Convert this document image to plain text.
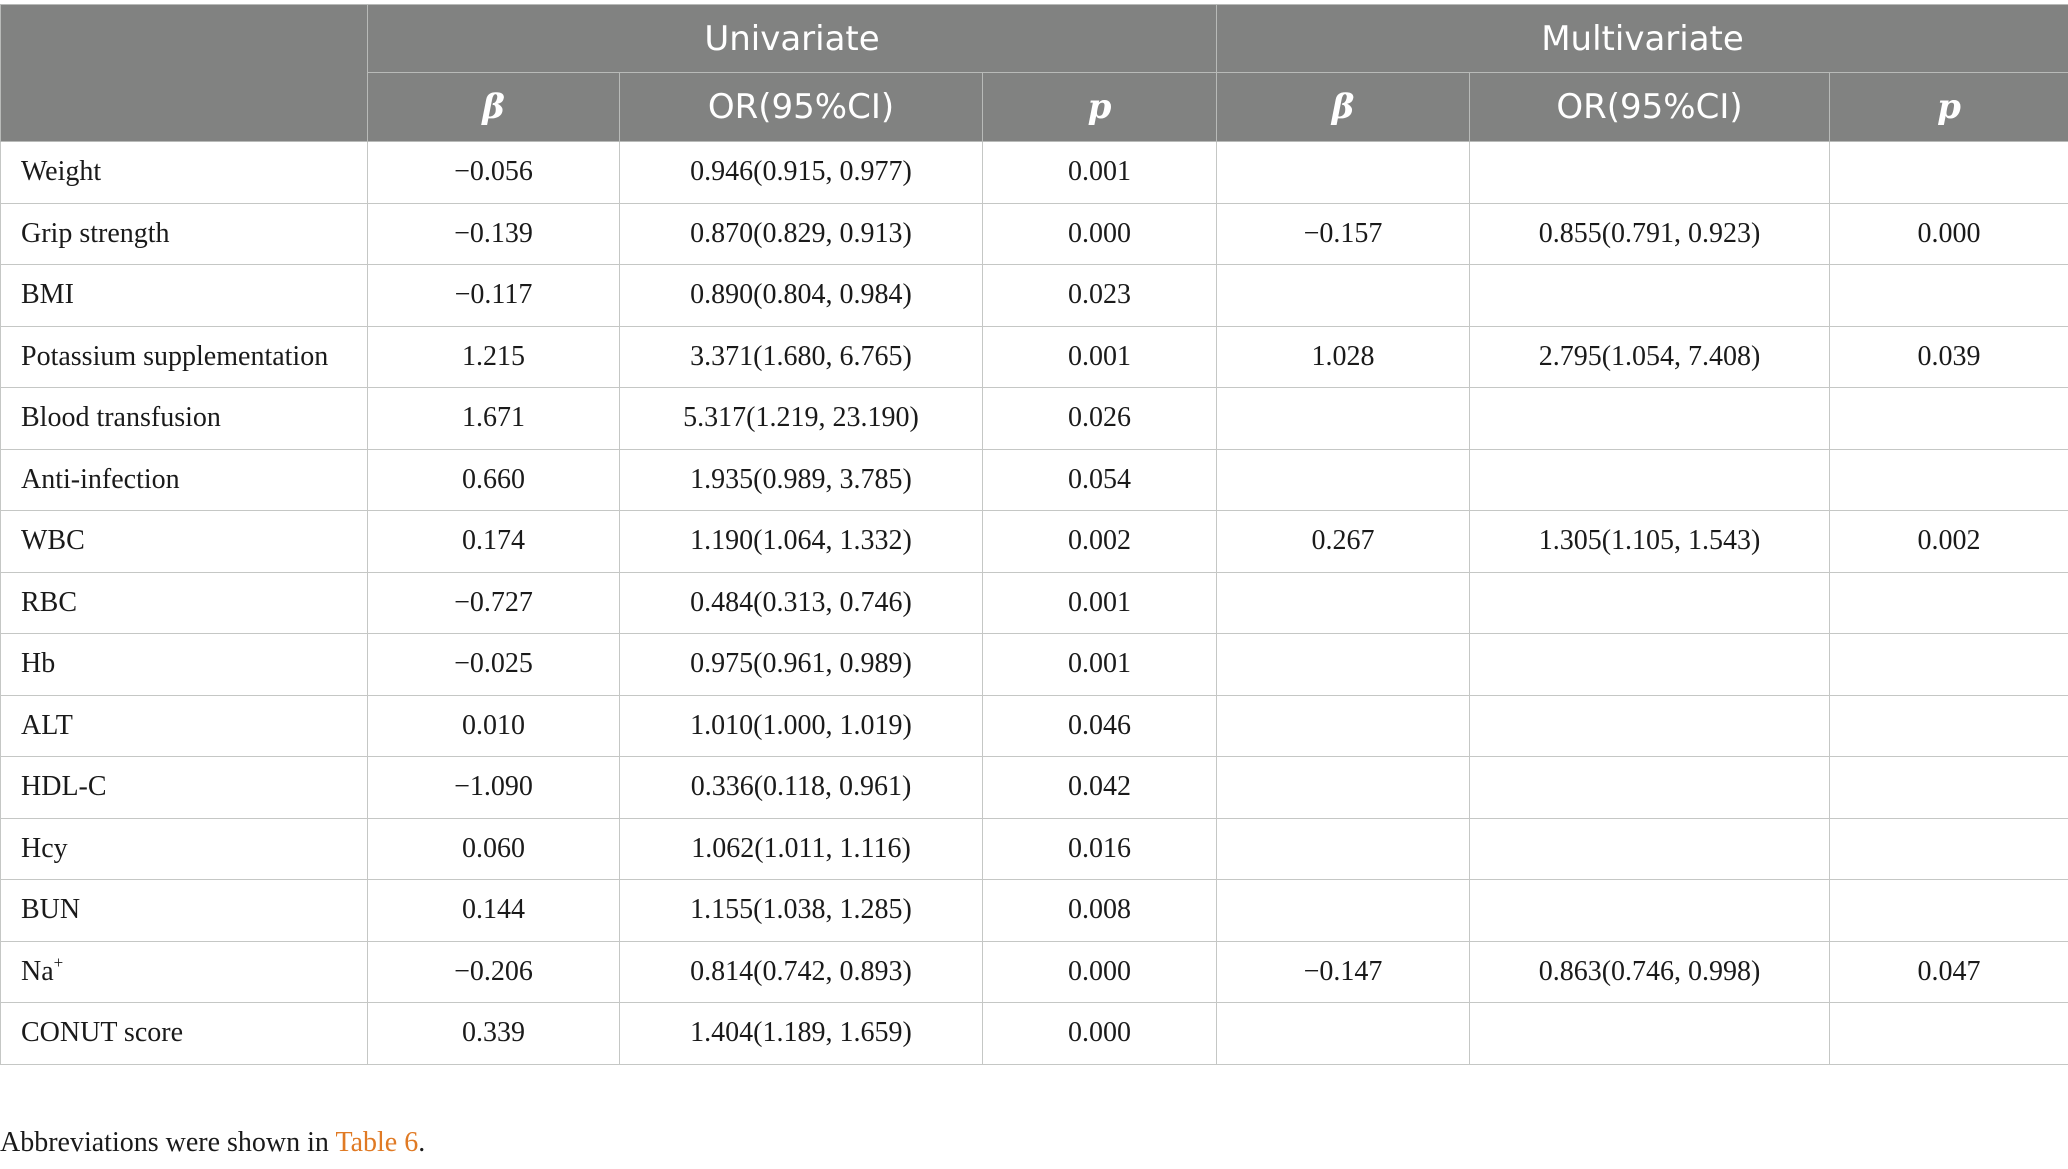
	Univariate			Multivariate		
	β	OR(95%CI)	p	β	OR(95%CI)	p
Weight	−0.056	0.946(0.915, 0.977)	0.001			
Grip strength	−0.139	0.870(0.829, 0.913)	0.000	−0.157	0.855(0.791, 0.923)	0.000
BMI	−0.117	0.890(0.804, 0.984)	0.023			
Potassium supplementation	1.215	3.371(1.680, 6.765)	0.001	1.028	2.795(1.054, 7.408)	0.039
Blood transfusion	1.671	5.317(1.219, 23.190)	0.026			
Anti-infection	0.660	1.935(0.989, 3.785)	0.054			
WBC	0.174	1.190(1.064, 1.332)	0.002	0.267	1.305(1.105, 1.543)	0.002
RBC	−0.727	0.484(0.313, 0.746)	0.001			
Hb	−0.025	0.975(0.961, 0.989)	0.001			
ALT	0.010	1.010(1.000, 1.019)	0.046			
HDL-C	−1.090	0.336(0.118, 0.961)	0.042			
Hcy	0.060	1.062(1.011, 1.116)	0.016			
BUN	0.144	1.155(1.038, 1.285)	0.008			
Na+	−0.206	0.814(0.742, 0.893)	0.000	−0.147	0.863(0.746, 0.998)	0.047
CONUT score	0.339	1.404(1.189, 1.659)	0.000			
Abbreviations were shown in Table 6.
